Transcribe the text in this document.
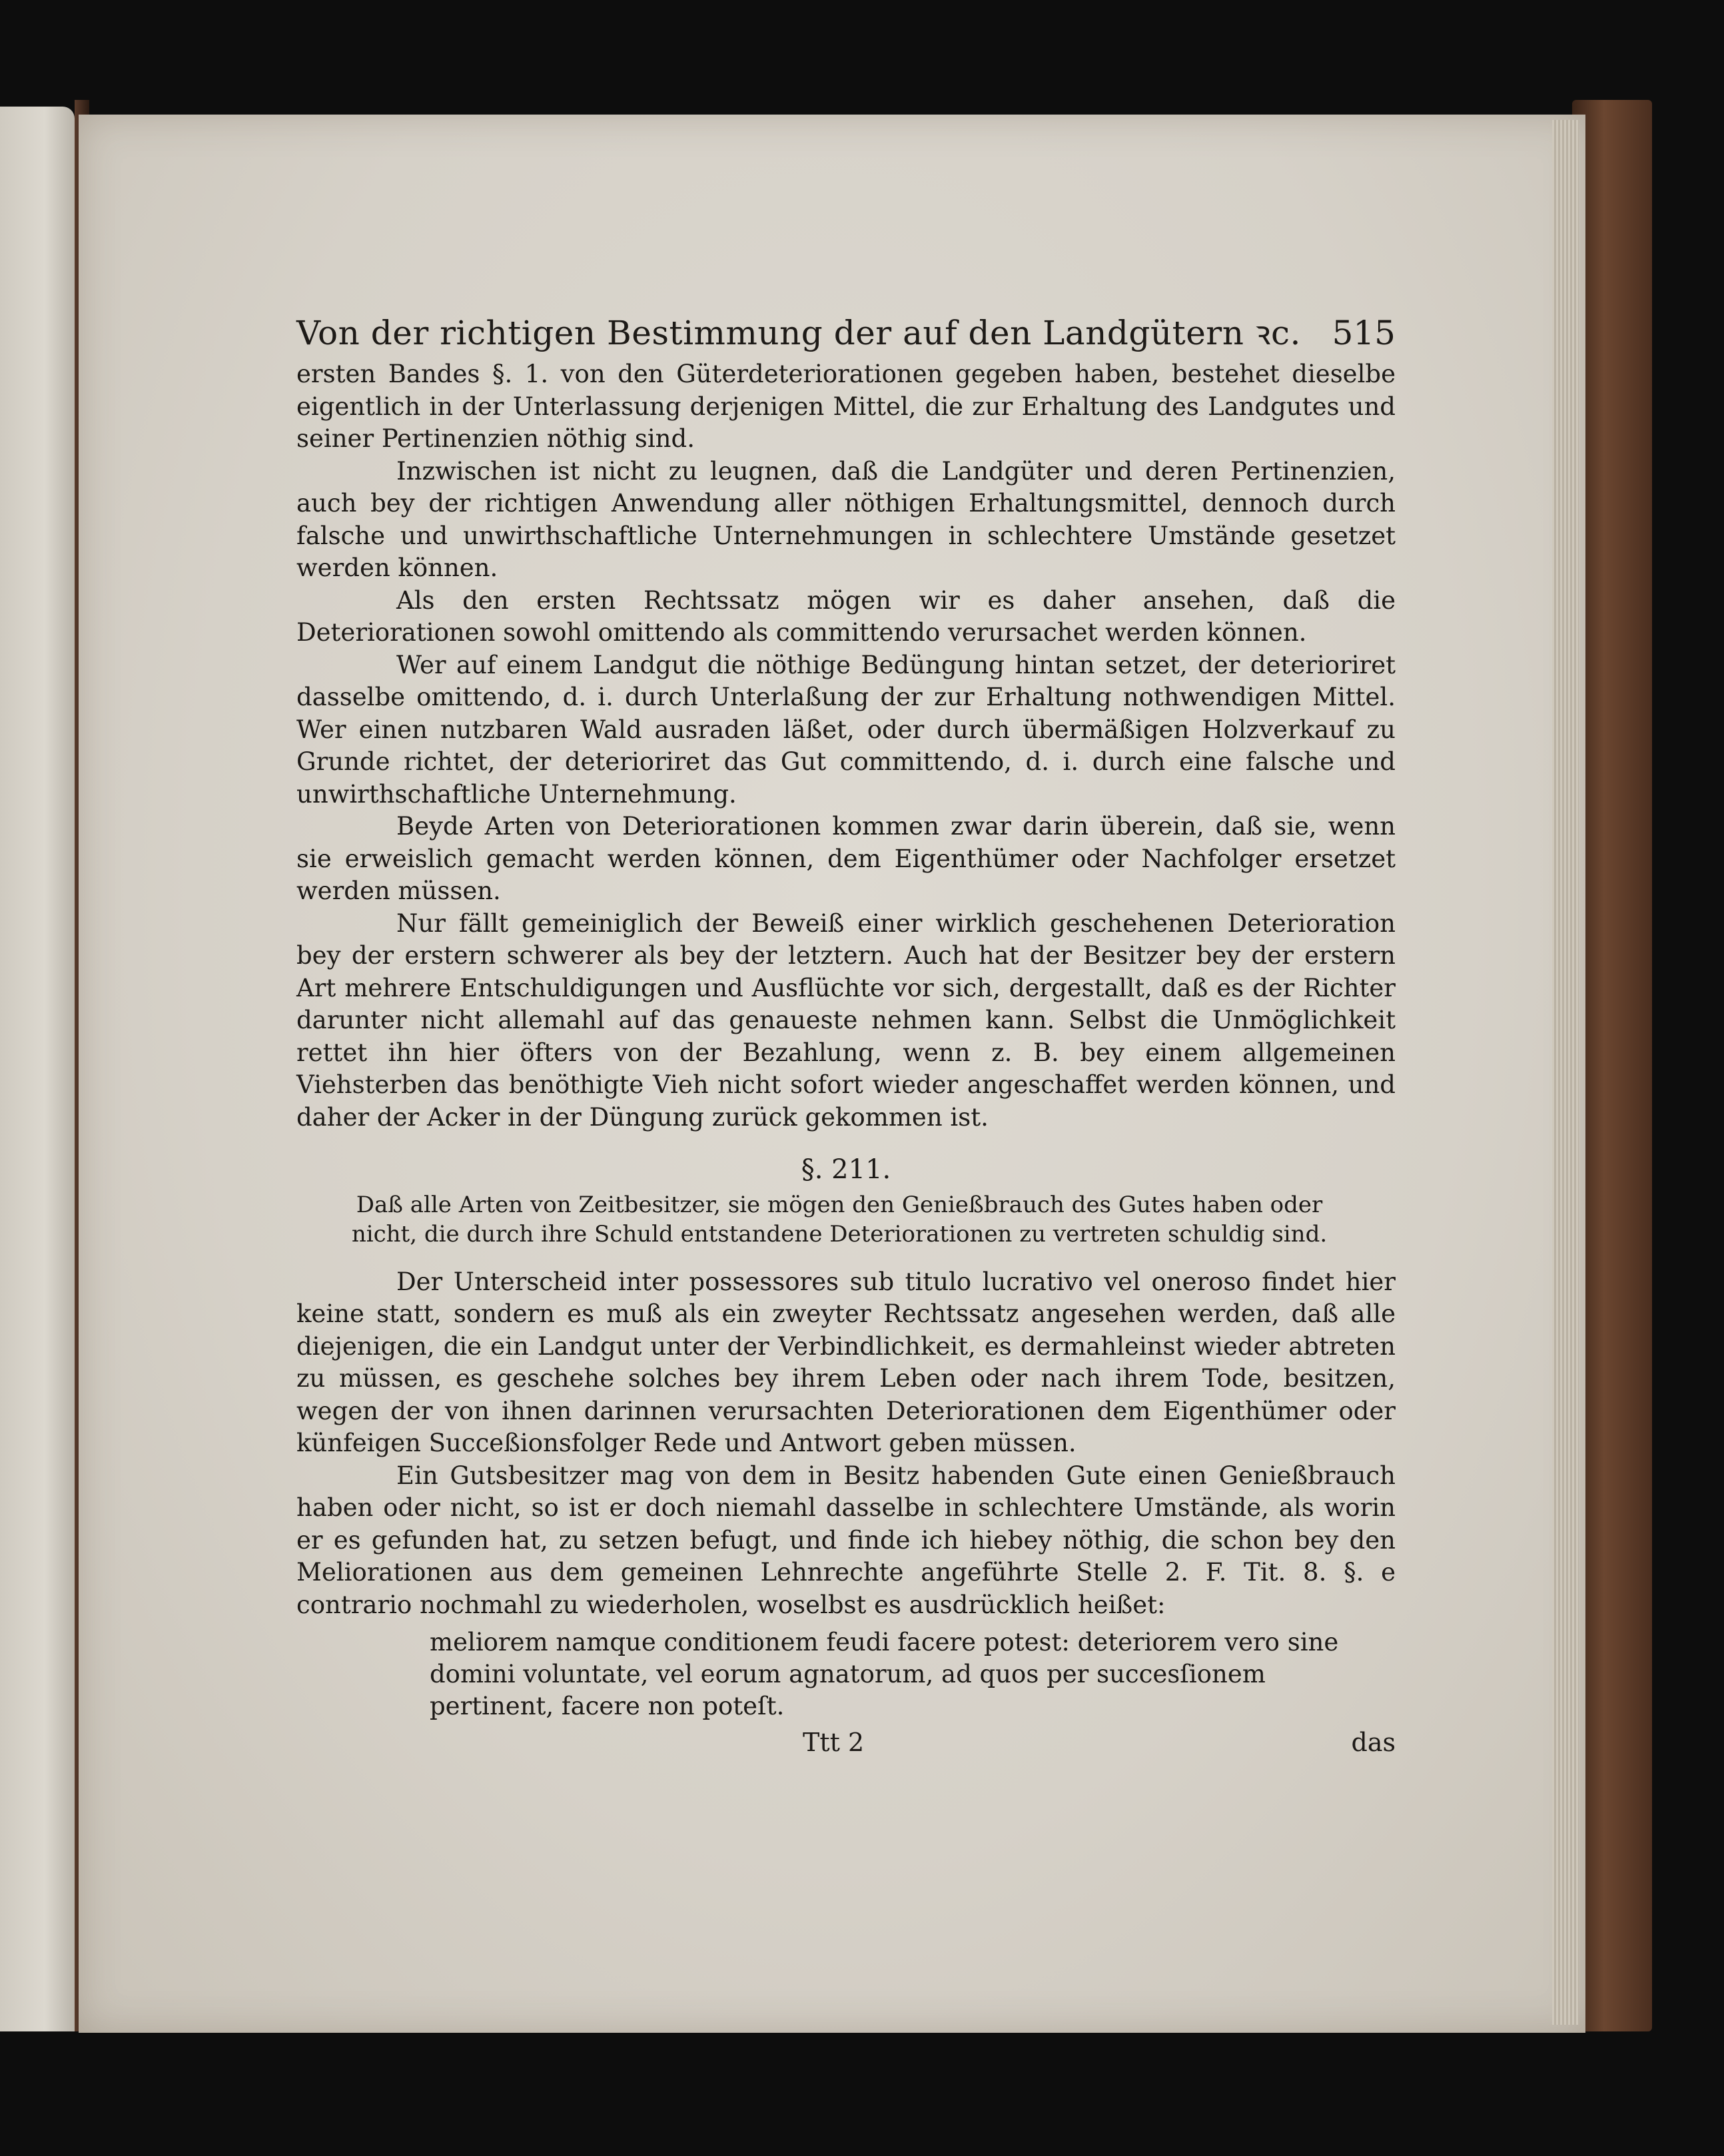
Von der richtigen Bestimmung der auf den Landgütern ꝛc. 515

ersten Bandes §. 1. von den Güterdeteriorationen gegeben haben, bestehet dieselbe eigentlich in der Unterlassung derjenigen Mittel, die zur Erhaltung des Landgutes und seiner Pertinenzien nöthig sind.

Inzwischen ist nicht zu leugnen, daß die Landgüter und deren Pertinenzien, auch bey der richtigen Anwendung aller nöthigen Erhaltungsmittel, dennoch durch falsche und unwirthschaftliche Unternehmungen in schlechtere Umstände gesetzet werden können.

Als den ersten Rechtssatz mögen wir es daher ansehen, daß die Deteriorationen sowohl omittendo als committendo verursachet werden können.

Wer auf einem Landgut die nöthige Bedüngung hintan setzet, der deterioriret dasselbe omittendo, d. i. durch Unterlaßung der zur Erhaltung nothwendigen Mittel. Wer einen nutzbaren Wald ausraden läßet, oder durch übermäßigen Holzverkauf zu Grunde richtet, der deterioriret das Gut committendo, d. i. durch eine falsche und unwirthschaftliche Unternehmung.

Beyde Arten von Deteriorationen kommen zwar darin überein, daß sie, wenn sie erweislich gemacht werden können, dem Eigenthümer oder Nachfolger ersetzet werden müssen.

Nur fällt gemeiniglich der Beweiß einer wirklich geschehenen Deterioration bey der erstern schwerer als bey der letztern. Auch hat der Besitzer bey der erstern Art mehrere Entschuldigungen und Ausflüchte vor sich, dergestallt, daß es der Richter darunter nicht allemahl auf das genaueste nehmen kann. Selbst die Unmöglichkeit rettet ihn hier öfters von der Bezahlung, wenn z. B. bey einem allgemeinen Viehsterben das benöthigte Vieh nicht sofort wieder angeschaffet werden können, und daher der Acker in der Düngung zurück gekommen ist.

§. 211.
Daß alle Arten von Zeitbesitzer, sie mögen den Genießbrauch des Gutes haben oder nicht, die durch ihre Schuld entstandene Deteriorationen zu vertreten schuldig sind.

Der Unterscheid inter possessores sub titulo lucrativo vel oneroso findet hier keine statt, sondern es muß als ein zweyter Rechtssatz angesehen werden, daß alle diejenigen, die ein Landgut unter der Verbindlichkeit, es dermahleinst wieder abtreten zu müssen, es geschehe solches bey ihrem Leben oder nach ihrem Tode, besitzen, wegen der von ihnen darinnen verursachten Deteriorationen dem Eigenthümer oder künfeigen Succeßionsfolger Rede und Antwort geben müssen.

Ein Gutsbesitzer mag von dem in Besitz habenden Gute einen Genießbrauch haben oder nicht, so ist er doch niemahl dasselbe in schlechtere Umstände, als worin er es gefunden hat, zu setzen befugt, und finde ich hiebey nöthig, die schon bey den Meliorationen aus dem gemeinen Lehnrechte angeführte Stelle 2. F. Tit. 8. §. e contrario nochmahl zu wiederholen, woselbst es ausdrücklich heißet:

meliorem namque conditionem feudi facere potest: deteriorem vero sine domini voluntate, vel eorum agnatorum, ad quos per succesſionem pertinent, facere non poteſt.
Ttt 2	das
